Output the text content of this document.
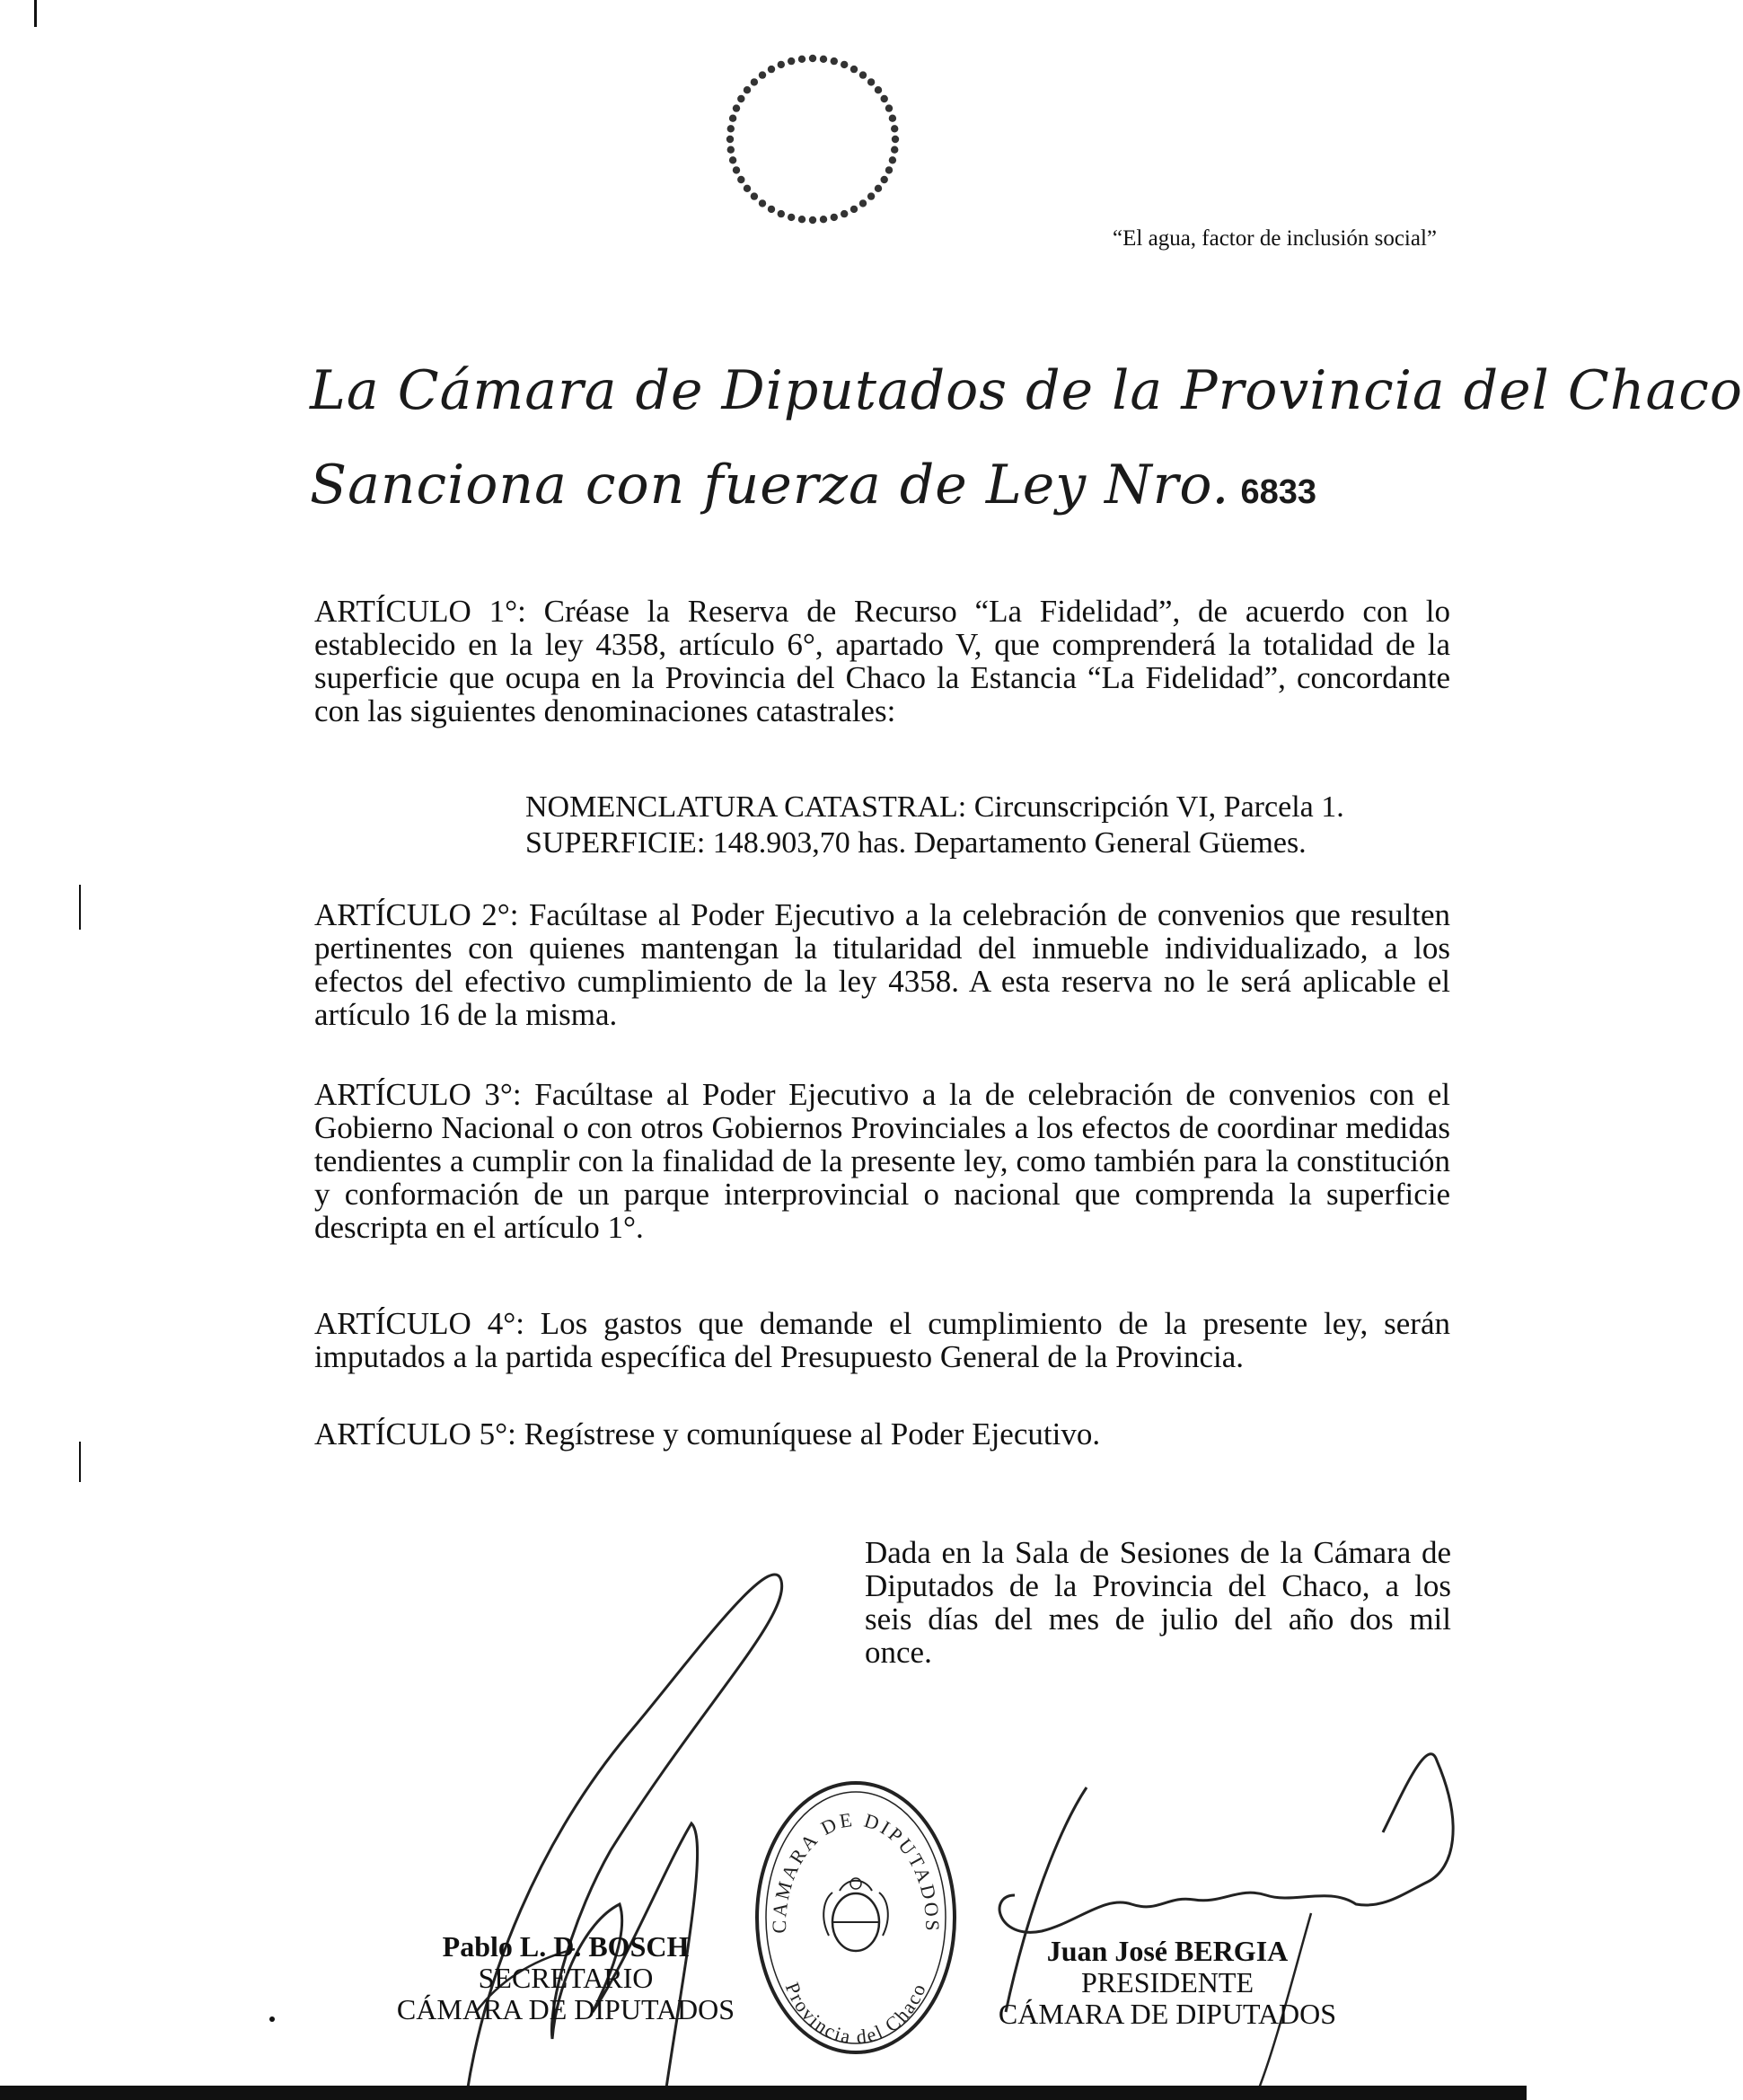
“El agua, factor de inclusión social”
La Cámara de Diputados de la Provincia del Chaco
Sanciona con fuerza de Ley Nro. 6833
ARTÍCULO 1°: Créase la Reserva de Recurso “La Fidelidad”, de acuerdo con lo establecido en la ley 4358, artículo 6°, apartado V, que comprenderá la totalidad de la superficie que ocupa en la Provincia del Chaco la Estancia “La Fidelidad”, concordante con las siguientes denominaciones catastrales:
NOMENCLATURA CATASTRAL: Circunscripción VI, Parcela 1.
SUPERFICIE: 148.903,70 has. Departamento General Güemes.
ARTÍCULO 2°: Facúltase al Poder Ejecutivo a la celebración de convenios que resulten pertinentes con quienes mantengan la titularidad del inmueble individualizado, a los efectos del efectivo cumplimiento de la ley 4358. A esta reserva no le será aplicable el artículo 16 de la misma.
ARTÍCULO 3°: Facúltase al Poder Ejecutivo a la de celebración de convenios con el Gobierno Nacional o con otros Gobiernos Provinciales a los efectos de coordinar medidas tendientes a cumplir con la finalidad de la presente ley, como también para la constitución y conformación de un parque interprovincial o nacional que comprenda la superficie descripta en el artículo 1°.
ARTÍCULO 4°: Los gastos que demande el cumplimiento de la presente ley, serán imputados a la partida específica del Presupuesto General de la Provincia.
ARTÍCULO 5°: Regístrese y comuníquese al Poder Ejecutivo.
Dada en la Sala de Sesiones de la Cámara de Diputados de la Provincia del Chaco, a los seis días del mes de julio del año dos mil once.
CAMARA DE DIPUTADOS
Provincia del Chaco
Pablo L. D. BOSCH
SECRETARIO
CÁMARA DE DIPUTADOS
Juan José BERGIA
PRESIDENTE
CÁMARA DE DIPUTADOS
